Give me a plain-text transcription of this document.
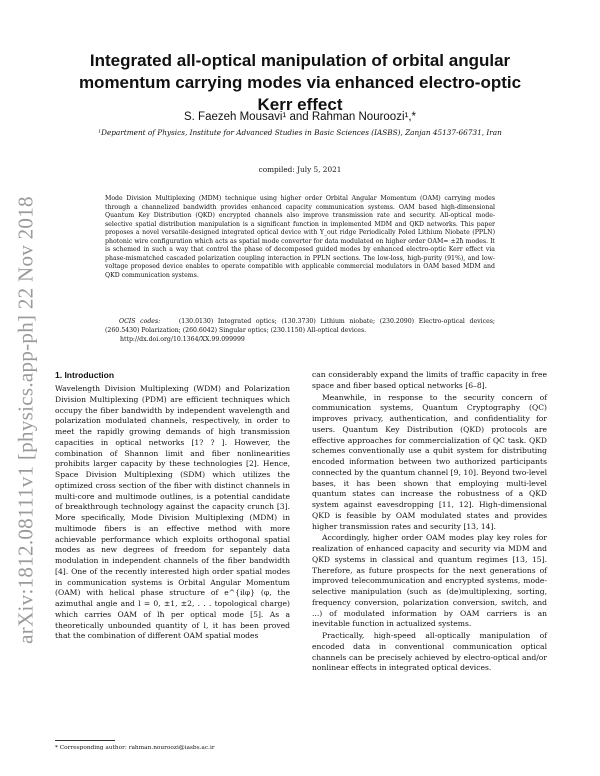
arXiv:1812.08111v1 [physics.app-ph] 22 Nov 2018
Integrated all-optical manipulation of orbital angular momentum carrying modes via enhanced electro-optic Kerr effect
S. Faezeh Mousavi¹ and Rahman Nouroozi¹,*
¹Department of Physics, Institute for Advanced Studies in Basic Sciences (IASBS), Zanjan 45137-66731, Iran
compiled: July 5, 2021

Mode Division Multiplexing (MDM) technique using higher order Orbital Angular Momentum (OAM) carrying modes through a channelized bandwidth provides enhanced capacity communication systems. OAM based high-dimensional Quantum Key Distribution (QKD) encrypted channels also improve transmission rate and security. All-optical mode-selective spatial distribution manipulation is a significant function in implemented MDM and QKD networks. This paper proposes a novel versatile-designed integrated optical device with Y_out ridge Periodically Poled Lithium Niobate (PPLN) photonic wire configuration which acts as spatial mode converter for data modulated on higher order OAM= ±2ħ modes. It is schemed in such a way that control the phase of decomposed guided modes by enhanced electro-optic Kerr effect via phase-mismatched cascaded polarization coupling interaction in PPLN sections. The low-loss, high-purity (91%), and low-voltage proposed device enables to operate compatible with applicable commercial modulators in OAM based MDM and QKD communication systems.

OCIS codes:	(130.0130) Integrated optics; (130.3730) Lithium niobate; (230.2090) Electro-optical devices; (260.5430) Polarization; (260.6042) Singular optics; (230.1150) All-optical devices.

http://dx.doi.org/10.1364/XX.99.099999
1. Introduction

Wavelength Division Multiplexing (WDM) and Polarization Division Multiplexing (PDM) are efficient techniques which occupy the fiber bandwidth by independent wavelength and polarization modulated channels, respectively, in order to meet the rapidly growing demands of high transmission capacities in optical networks [1? ? ]. However, the combination of Shannon limit and fiber nonlinearities prohibits larger capacity by these technologies [2]. Hence, Space Division Multiplexing (SDM) which utilizes the optimized cross section of the fiber with distinct channels in multi-core and multimode outlines, is a potential candidate of breakthrough technology against the capacity crunch [3]. More specifically, Mode Division Multiplexing (MDM) in multimode fibers is an effective method with more achievable performance which exploits orthogonal spatial modes as new degrees of freedom for sepantely data modulation in independent channels of the fiber bandwidth [4]. One of the recently interested high order spatial modes in communication systems is Orbital Angular Momentum (OAM) with helical phase structure of e^{ilφ} (φ, the azimuthal angle and l = 0, ±1, ±2, . . . topological charge) which carries OAM of lħ per optical mode [5]. As a theoretically unbounded quantity of l, it has been proved that the combination of different OAM spatial modes

can considerably expand the limits of traffic capacity in free space and fiber based optical networks [6–8].

Meanwhile, in response to the security concern of communication systems, Quantum Cryptography (QC) improves privacy, authentication, and confidentiality for users. Quantum Key Distribution (QKD) protocols are effective approaches for commercialization of QC task. QKD schemes conventionally use a qubit system for distributing encoded information between two authorized participants connected by the quantum channel [9, 10]. Beyond two-level bases, it has been shown that employing multi-level quantum states can increase the robustness of a QKD system against eavesdropping [11, 12]. High-dimensional QKD is feasible by OAM modulated states and provides higher transmission rates and security [13, 14].

Accordingly, higher order OAM modes play key roles for realization of enhanced capacity and security via MDM and QKD systems in classical and quantum regimes [13, 15]. Therefore, as future prospects for the next generations of improved telecommunication and encrypted systems, mode-selective manipulation (such as (de)multiplexing, sorting, frequency conversion, polarization conversion, switch, and ...) of modulated information by OAM carriers is an inevitable function in actualized systems.

Practically, high-speed all-optically manipulation of encoded data in conventional communication optical channels can be precisely achieved by electro-optical and/or nonlinear effects in integrated optical devices.

* Corresponding author: rahman.nouroozi@iasbs.ac.ir
